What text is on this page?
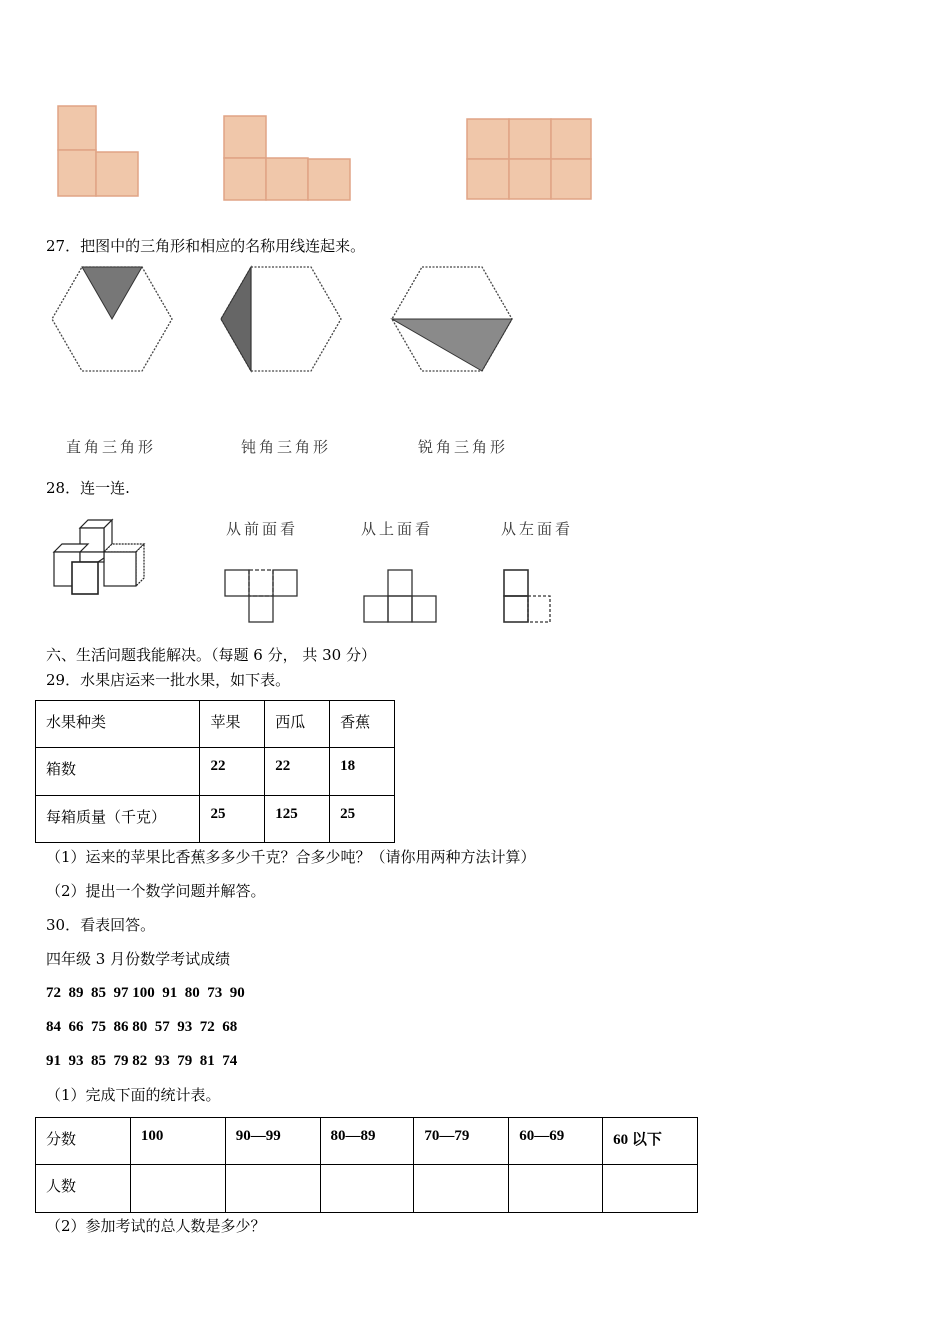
27．把图中的三角形和相应的名称用线连起来。
直角三角形	钝角三角形	锐角三角形
28．连一连.
从前面看	从上面看	从左面看
六、生活问题我能解决。（每题 6 分， 共 30 分）
29．水果店运来一批水果，如下表。
水果种类	苹果	西瓜	香蕉
箱数	22	22	18
每箱质量（千克）	25	125	25
（1）运来的苹果比香蕉多多少千克？合多少吨？（请你用两种方法计算）
（2）提出一个数学问题并解答。
30．看表回答。
四年级 3 月份数学考试成绩
72  89  85  97 100  91  80  73  90
84  66  75  86 80  57  93  72  68
91  93  85  79 82  93  79  81  74
（1）完成下面的统计表。
分数	100	90—99	80—89	70—79	60—69	60 以下
人数						
（2）参加考试的总人数是多少？
